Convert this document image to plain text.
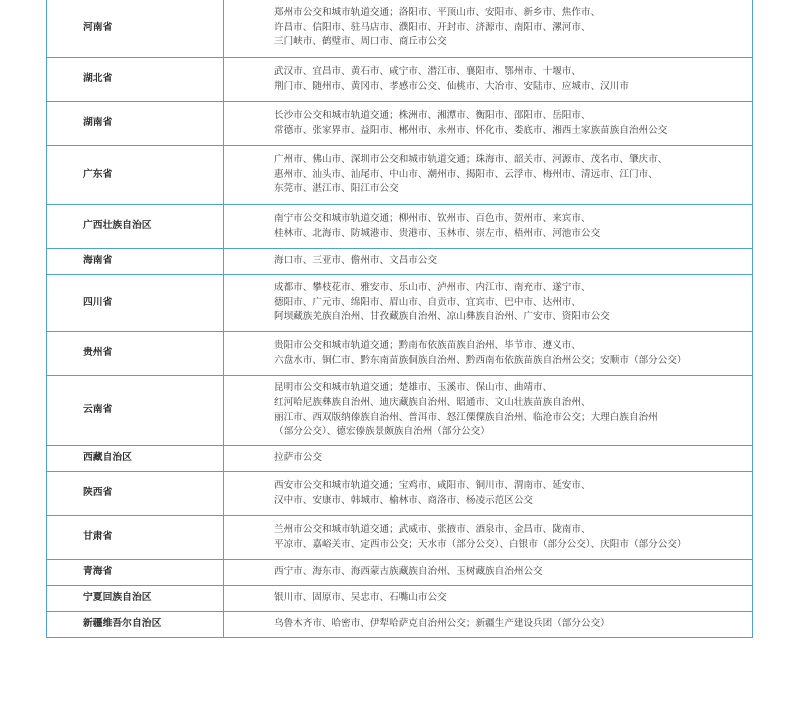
河南省	郑州市公交和城市轨道交通；洛阳市、平顶山市、安阳市、新乡市、焦作市、
许昌市、信阳市、驻马店市、濮阳市、开封市、济源市、南阳市、漯河市、
三门峡市、鹤璧市、周口市、商丘市公交

湖北省	武汉市、宜昌市、黄石市、咸宁市、潜江市、襄阳市、鄂州市、十堰市、
荆门市、随州市、黄冈市、孝感市公交、仙桃市、大冶市、安陆市、应城市、汉川市

湖南省	长沙市公交和城市轨道交通；株洲市、湘潭市、衡阳市、邵阳市、岳阳市、
常德市、张家界市、益阳市、郴州市、永州市、怀化市、娄底市、湘西土家族苗族自治州公交

广东省	广州市、佛山市、深圳市公交和城市轨道交通；珠海市、韶关市、河源市、茂名市、肇庆市、
惠州市、汕头市、汕尾市、中山市、潮州市、揭阳市、云浮市、梅州市、清远市、江门市、
东莞市、湛江市、阳江市公交

广西壮族自治区	南宁市公交和城市轨道交通；柳州市、钦州市、百色市、贺州市、来宾市、
桂林市、北海市、防城港市、贵港市、玉林市、崇左市、梧州市、河池市公交

海南省	海口市、三亚市、儋州市、文昌市公交

四川省	成都市、攀枝花市、雅安市、乐山市、泸州市、内江市、南充市、遂宁市、
德阳市、广元市、绵阳市、眉山市、自贡市、宜宾市、巴中市、达州市、
阿坝藏族羌族自治州、甘孜藏族自治州、凉山彝族自治州、广安市、资阳市公交

贵州省	贵阳市公交和城市轨道交通；黔南布依族苗族自治州、毕节市、遵义市、
六盘水市、铜仁市、黔东南苗族侗族自治州、黔西南布依族苗族自治州公交；安顺市（部分公交）

云南省	昆明市公交和城市轨道交通；楚雄市、玉溪市、保山市、曲靖市、
红河哈尼族彝族自治州、迪庆藏族自治州、昭通市、文山壮族苗族自治州、
丽江市、西双版纳傣族自治州、普洱市、怒江傈僳族自治州、临沧市公交；大理白族自治州
（部分公交）、德宏傣族景颇族自治州（部分公交）

西藏自治区	拉萨市公交

陕西省	西安市公交和城市轨道交通；宝鸡市、咸阳市、铜川市、渭南市、延安市、
汉中市、安康市、韩城市、榆林市、商洛市、杨凌示范区公交

甘肃省	兰州市公交和城市轨道交通；武威市、张掖市、酒泉市、金昌市、陇南市、
平凉市、嘉峪关市、定西市公交；天水市（部分公交）、白银市（部分公交）、庆阳市（部分公交）

青海省	西宁市、海东市、海西蒙古族藏族自治州、玉树藏族自治州公交

宁夏回族自治区	银川市、固原市、吴忠市、石嘴山市公交

新疆维吾尔自治区	乌鲁木齐市、哈密市、伊犁哈萨克自治州公交；新疆生产建设兵团（部分公交）
